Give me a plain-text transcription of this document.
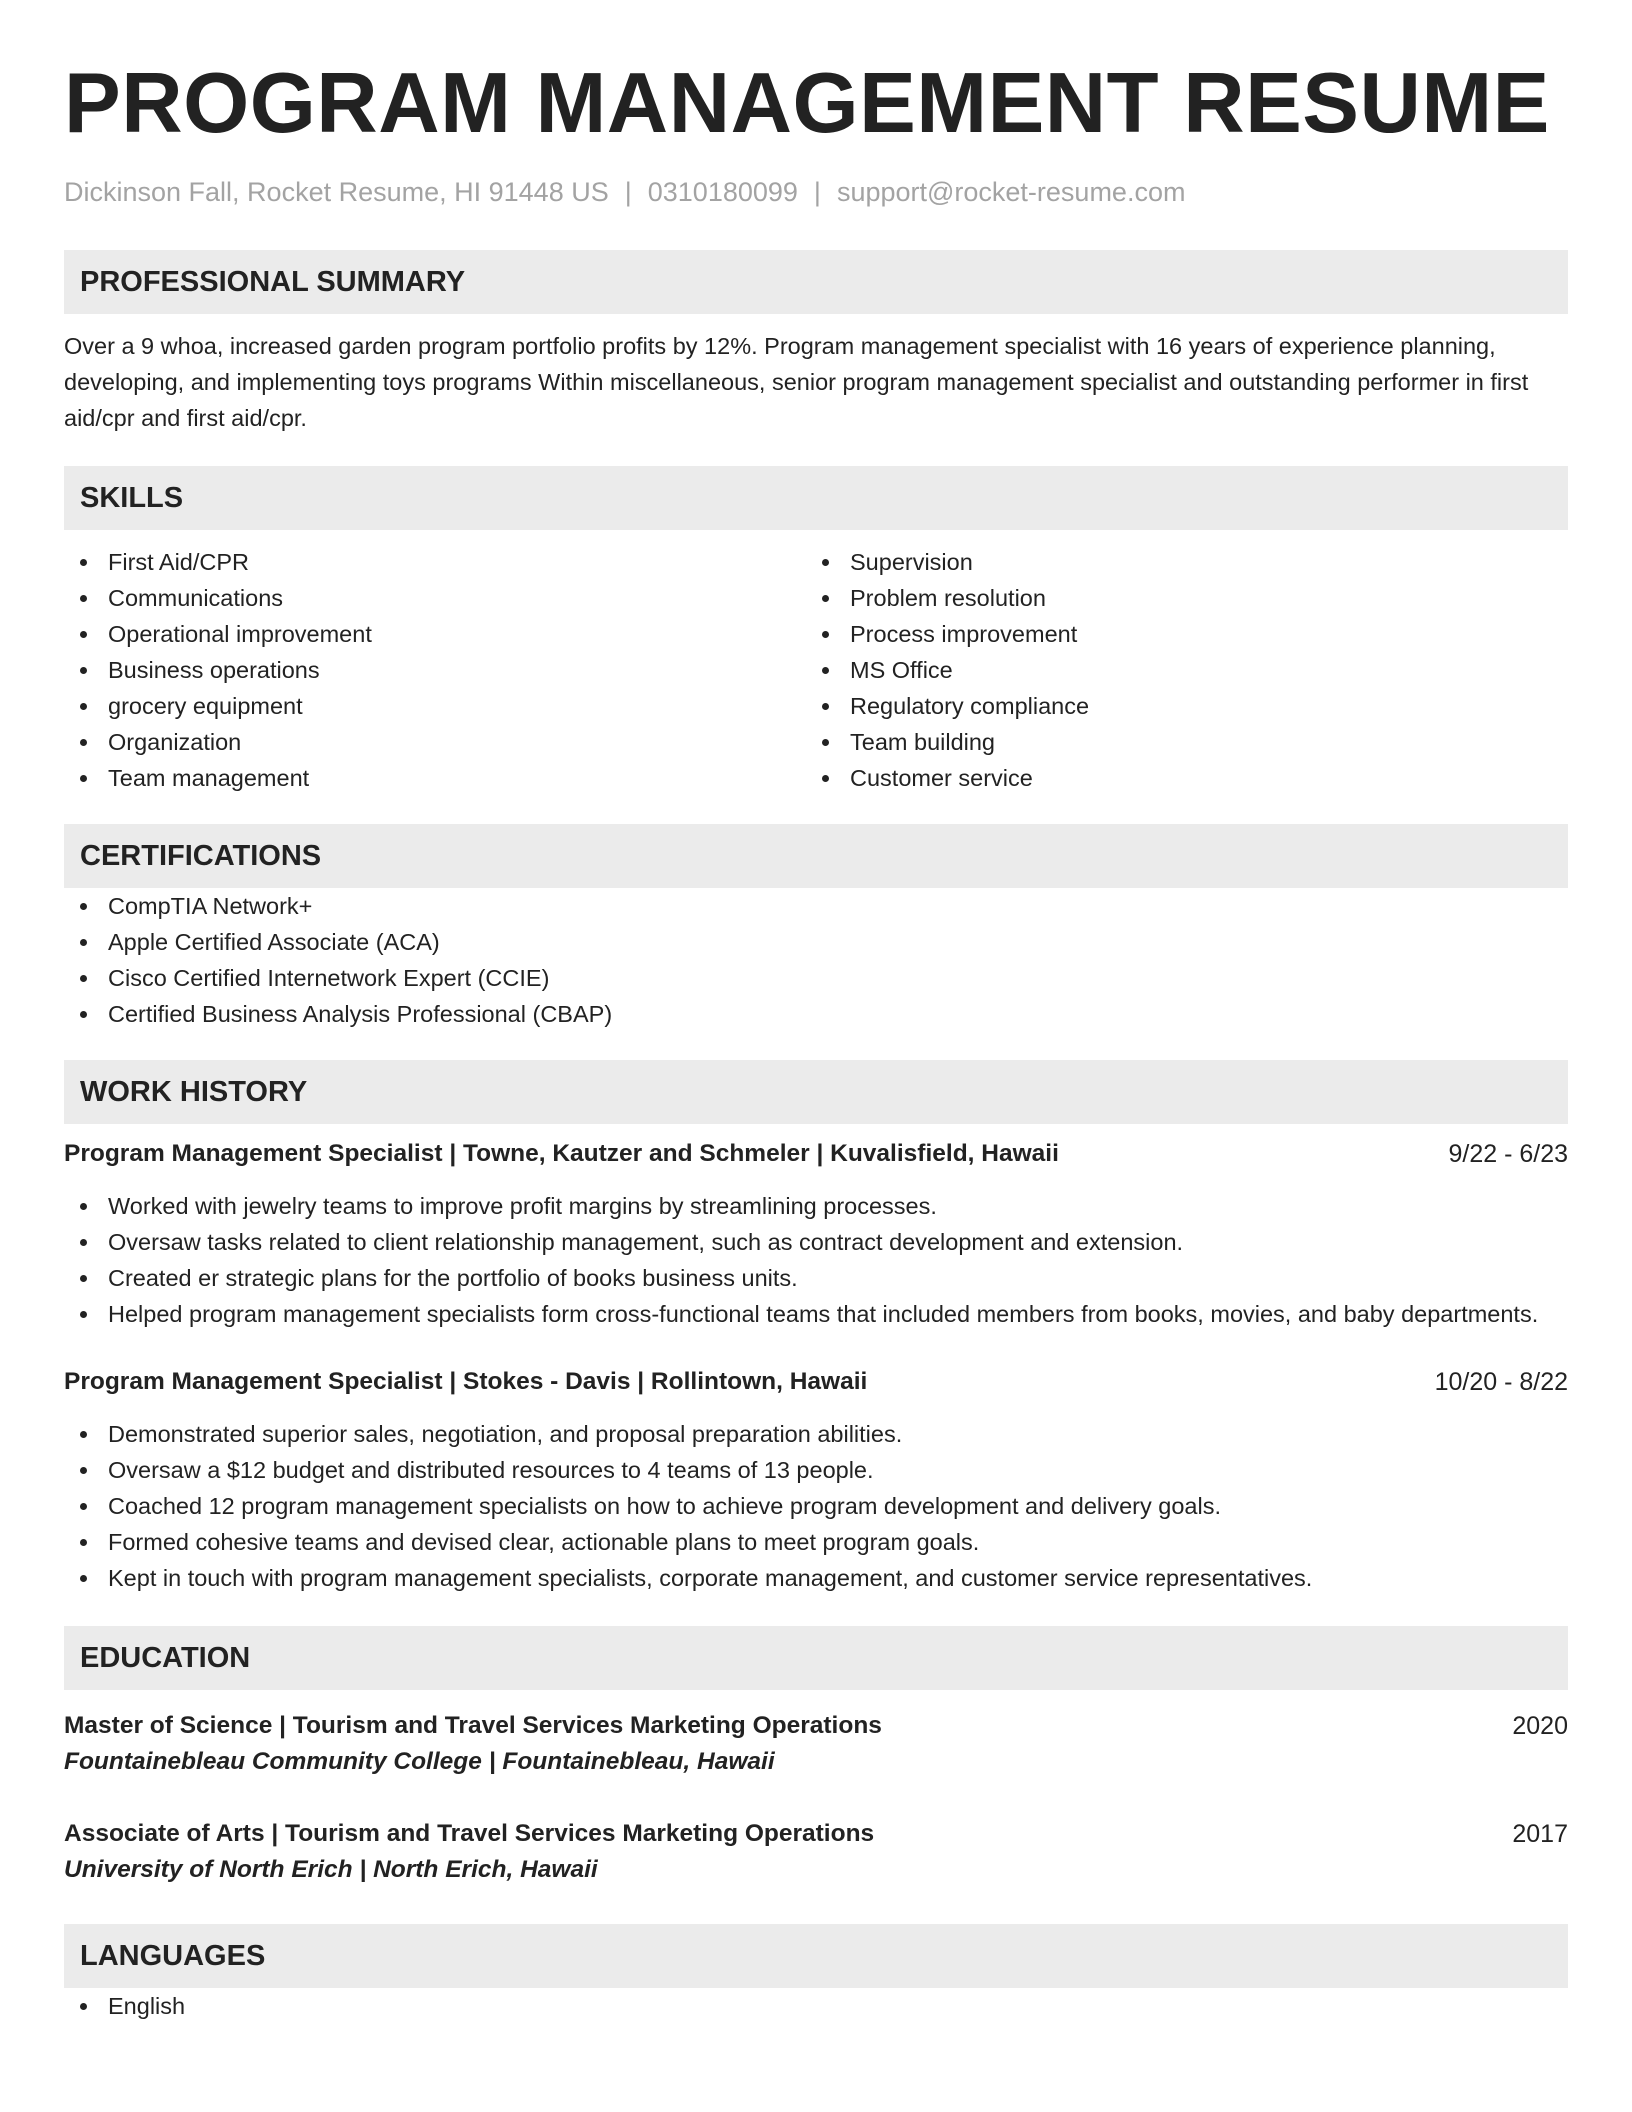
PROGRAM MANAGEMENT RESUME
Dickinson Fall, Rocket Resume, HI 91448 US | 0310180099 | support@rocket-resume.com
PROFESSIONAL SUMMARY

Over a 9 whoa, increased garden program portfolio profits by 12%. Program management specialist with 16 years of experience planning, developing, and implementing toys programs Within miscellaneous, senior program management specialist and outstanding performer in first aid/cpr and first aid/cpr.

SKILLS
First Aid/CPR
Communications
Operational improvement
Business operations
grocery equipment
Organization
Team management
Supervision
Problem resolution
Process improvement
MS Office
Regulatory compliance
Team building
Customer service
CERTIFICATIONS
CompTIA Network+
Apple Certified Associate (ACA)
Cisco Certified Internetwork Expert (CCIE)
Certified Business Analysis Professional (CBAP)
WORK HISTORY
Program Management Specialist | Towne, Kautzer and Schmeler | Kuvalisfield, Hawaii	9/22 - 6/23
Worked with jewelry teams to improve profit margins by streamlining processes.
Oversaw tasks related to client relationship management, such as contract development and extension.
Created er strategic plans for the portfolio of books business units.
Helped program management specialists form cross-functional teams that included members from books, movies, and baby departments.
Program Management Specialist | Stokes - Davis | Rollintown, Hawaii	10/20 - 8/22
Demonstrated superior sales, negotiation, and proposal preparation abilities.
Oversaw a $12 budget and distributed resources to 4 teams of 13 people.
Coached 12 program management specialists on how to achieve program development and delivery goals.
Formed cohesive teams and devised clear, actionable plans to meet program goals.
Kept in touch with program management specialists, corporate management, and customer service representatives.
EDUCATION
Master of Science | Tourism and Travel Services Marketing Operations	2020
Fountainebleau Community College | Fountainebleau, Hawaii
Associate of Arts | Tourism and Travel Services Marketing Operations	2017
University of North Erich | North Erich, Hawaii
LANGUAGES
English
